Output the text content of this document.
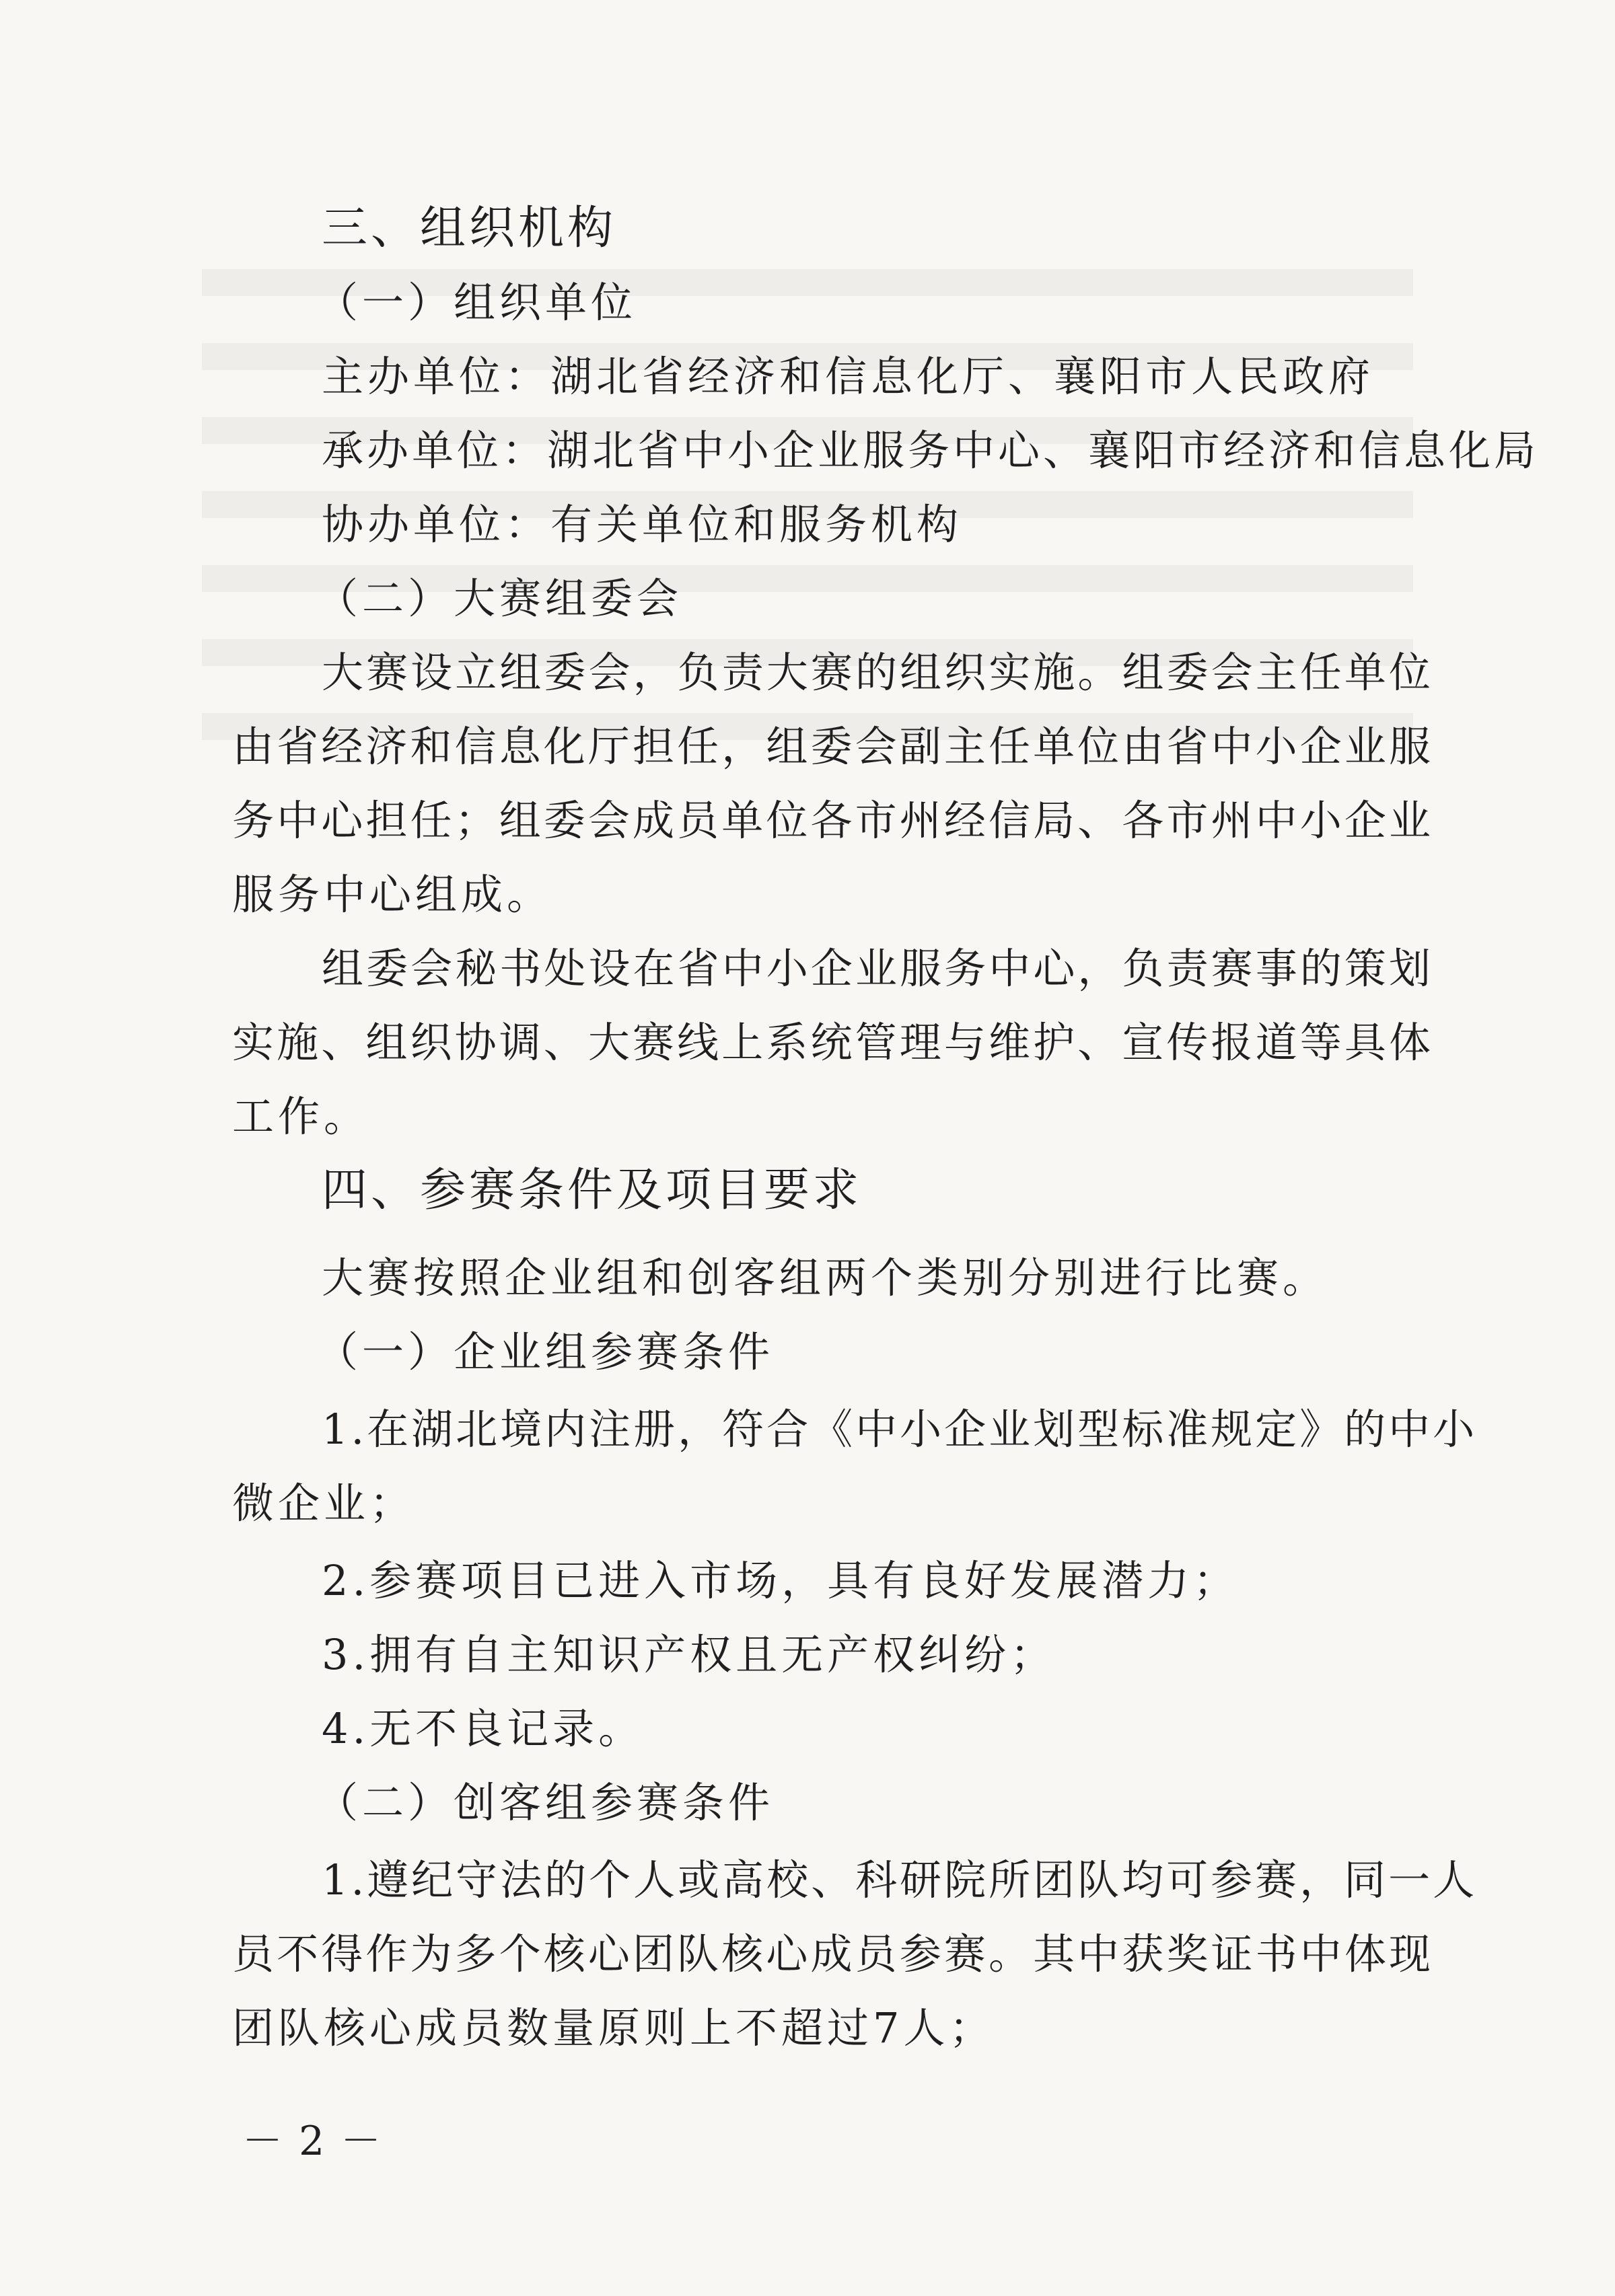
三、组织机构
（一）组织单位
主办单位：湖北省经济和信息化厅、襄阳市人民政府
承办单位：湖北省中小企业服务中心、襄阳市经济和信息化局
协办单位：有关单位和服务机构
（二）大赛组委会
大赛设立组委会，负责大赛的组织实施。组委会主任单位
由省经济和信息化厅担任，组委会副主任单位由省中小企业服
务中心担任；组委会成员单位各市州经信局、各市州中小企业
服务中心组成。
组委会秘书处设在省中小企业服务中心，负责赛事的策划
实施、组织协调、大赛线上系统管理与维护、宣传报道等具体
工作。
四、参赛条件及项目要求
大赛按照企业组和创客组两个类别分别进行比赛。
（一）企业组参赛条件
1.在湖北境内注册，符合《中小企业划型标准规定》的中小
微企业；
2.参赛项目已进入市场，具有良好发展潜力；
3.拥有自主知识产权且无产权纠纷；
4.无不良记录。
（二）创客组参赛条件
1.遵纪守法的个人或高校、科研院所团队均可参赛，同一人
员不得作为多个核心团队核心成员参赛。其中获奖证书中体现
团队核心成员数量原则上不超过7人；
－2－
